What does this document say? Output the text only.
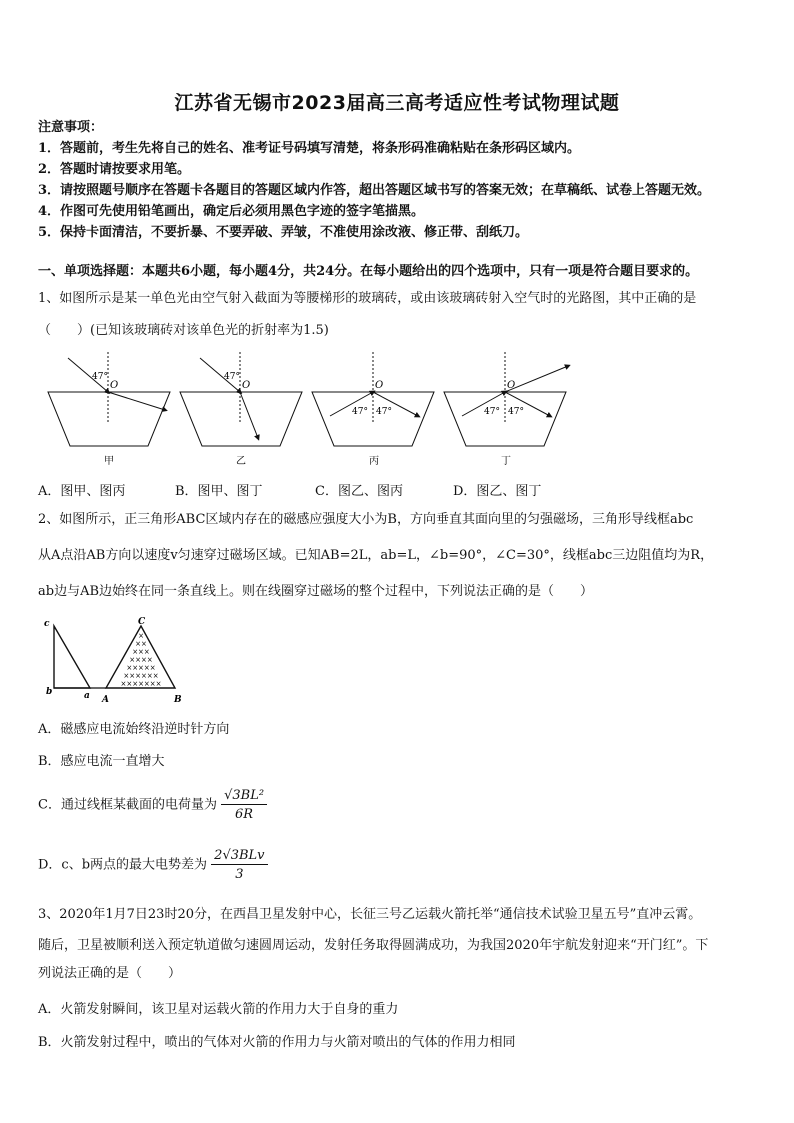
江苏省无锡市2023届高三高考适应性考试物理试题
注意事项：
1．答题前，考生先将自己的姓名、准考证号码填写清楚，将条形码准确粘贴在条形码区域内。
2．答题时请按要求用笔。
3．请按照题号顺序在答题卡各题目的答题区域内作答，超出答题区域书写的答案无效；在草稿纸、试卷上答题无效。
4．作图可先使用铅笔画出，确定后必须用黑色字迹的签字笔描黑。
5．保持卡面清洁，不要折暴、不要弄破、弄皱，不准使用涂改液、修正带、刮纸刀。
一、单项选择题：本题共6小题，每小题4分，共24分。在每小题给出的四个选项中，只有一项是符合题目要求的。
1、如图所示是某一单色光由空气射入截面为等腰梯形的玻璃砖，或由该玻璃砖射入空气时的光路图，其中正确的是
（　　）(已知该玻璃砖对该单色光的折射率为1.5)
47°
O
甲
47°
O
乙
O
47° 47°
丙
O
47° 47°
丁
A．图甲、图丙	B．图甲、图丁	C．图乙、图丙	D．图乙、图丁
2、如图所示，正三角形ABC区域内存在的磁感应强度大小为B，方向垂直其面向里的匀强磁场，三角形导线框abc
从A点沿AB方向以速度v匀速穿过磁场区域。已知AB=2L，ab=L，∠b=90°，∠C=30°，线框abc三边阻值均为R，
ab边与AB边始终在同一条直线上。则在线圈穿过磁场的整个过程中，下列说法正确的是（　　）
c
b	a
C
A	B
×
××
×××
××××
×××××
××××××
×××××××
A．磁感应电流始终沿逆时针方向
B．感应电流一直增大
C．通过线框某截面的电荷量为 $\frac{\text{√3BL²}}{6R}$
D．c、b两点的最大电势差为 $\frac{\text{2√3BLv}}{3}$
3、2020年1月7日23时20分，在西昌卫星发射中心，长征三号乙运载火箭托举“通信技术试验卫星五号”直冲云霄。
随后，卫星被顺利送入预定轨道做匀速圆周运动，发射任务取得圆满成功，为我国2020年宇航发射迎来“开门红”。下
列说法正确的是（　　）
A．火箭发射瞬间，该卫星对运载火箭的作用力大于自身的重力
B．火箭发射过程中，喷出的气体对火箭的作用力与火箭对喷出的气体的作用力相同
